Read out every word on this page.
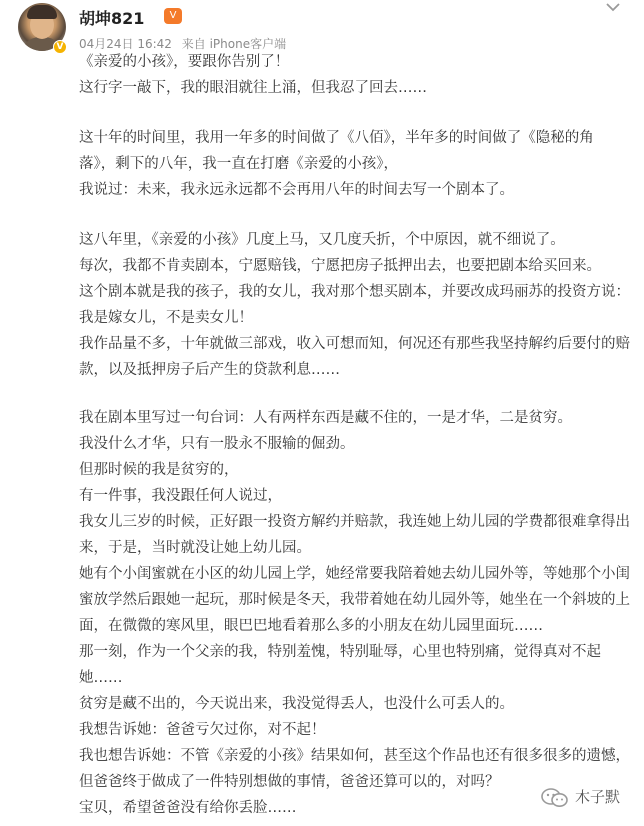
V
胡坤821	V
04月24日 16:42 来自 iPhone客户端
《亲爱的小孩》，要跟你告别了！
这行字一敲下，我的眼泪就往上涌，但我忍了回去……
这十年的时间里，我用一年多的时间做了《八佰》，半年多的时间做了《隐秘的角
落》，剩下的八年，我一直在打磨《亲爱的小孩》，
我说过：未来，我永远永远都不会再用八年的时间去写一个剧本了。
这八年里，《亲爱的小孩》几度上马，又几度夭折，个中原因，就不细说了。
每次，我都不肯卖剧本，宁愿赔钱，宁愿把房子抵押出去，也要把剧本给买回来。
这个剧本就是我的孩子，我的女儿，我对那个想买剧本，并要改成玛丽苏的投资方说：
我是嫁女儿，不是卖女儿！
我作品量不多，十年就做三部戏，收入可想而知，何况还有那些我坚持解约后要付的赔
款，以及抵押房子后产生的贷款利息……
我在剧本里写过一句台词：人有两样东西是藏不住的，一是才华，二是贫穷。
我没什么才华，只有一股永不服输的倔劲。
但那时候的我是贫穷的，
有一件事，我没跟任何人说过，
我女儿三岁的时候，正好跟一投资方解约并赔款，我连她上幼儿园的学费都很难拿得出
来，于是，当时就没让她上幼儿园。
她有个小闺蜜就在小区的幼儿园上学，她经常要我陪着她去幼儿园外等，等她那个小闺
蜜放学然后跟她一起玩，那时候是冬天，我带着她在幼儿园外等，她坐在一个斜坡的上
面，在微微的寒风里，眼巴巴地看着那么多的小朋友在幼儿园里面玩……
那一刻，作为一个父亲的我，特别羞愧，特别耻辱，心里也特别痛，觉得真对不起
她……
贫穷是藏不出的，今天说出来，我没觉得丢人，也没什么可丢人的。
我想告诉她：爸爸亏欠过你，对不起！
我也想告诉她：不管《亲爱的小孩》结果如何，甚至这个作品也还有很多很多的遗憾，
但爸爸终于做成了一件特别想做的事情，爸爸还算可以的，对吗？
宝贝，希望爸爸没有给你丢脸……
木子默
